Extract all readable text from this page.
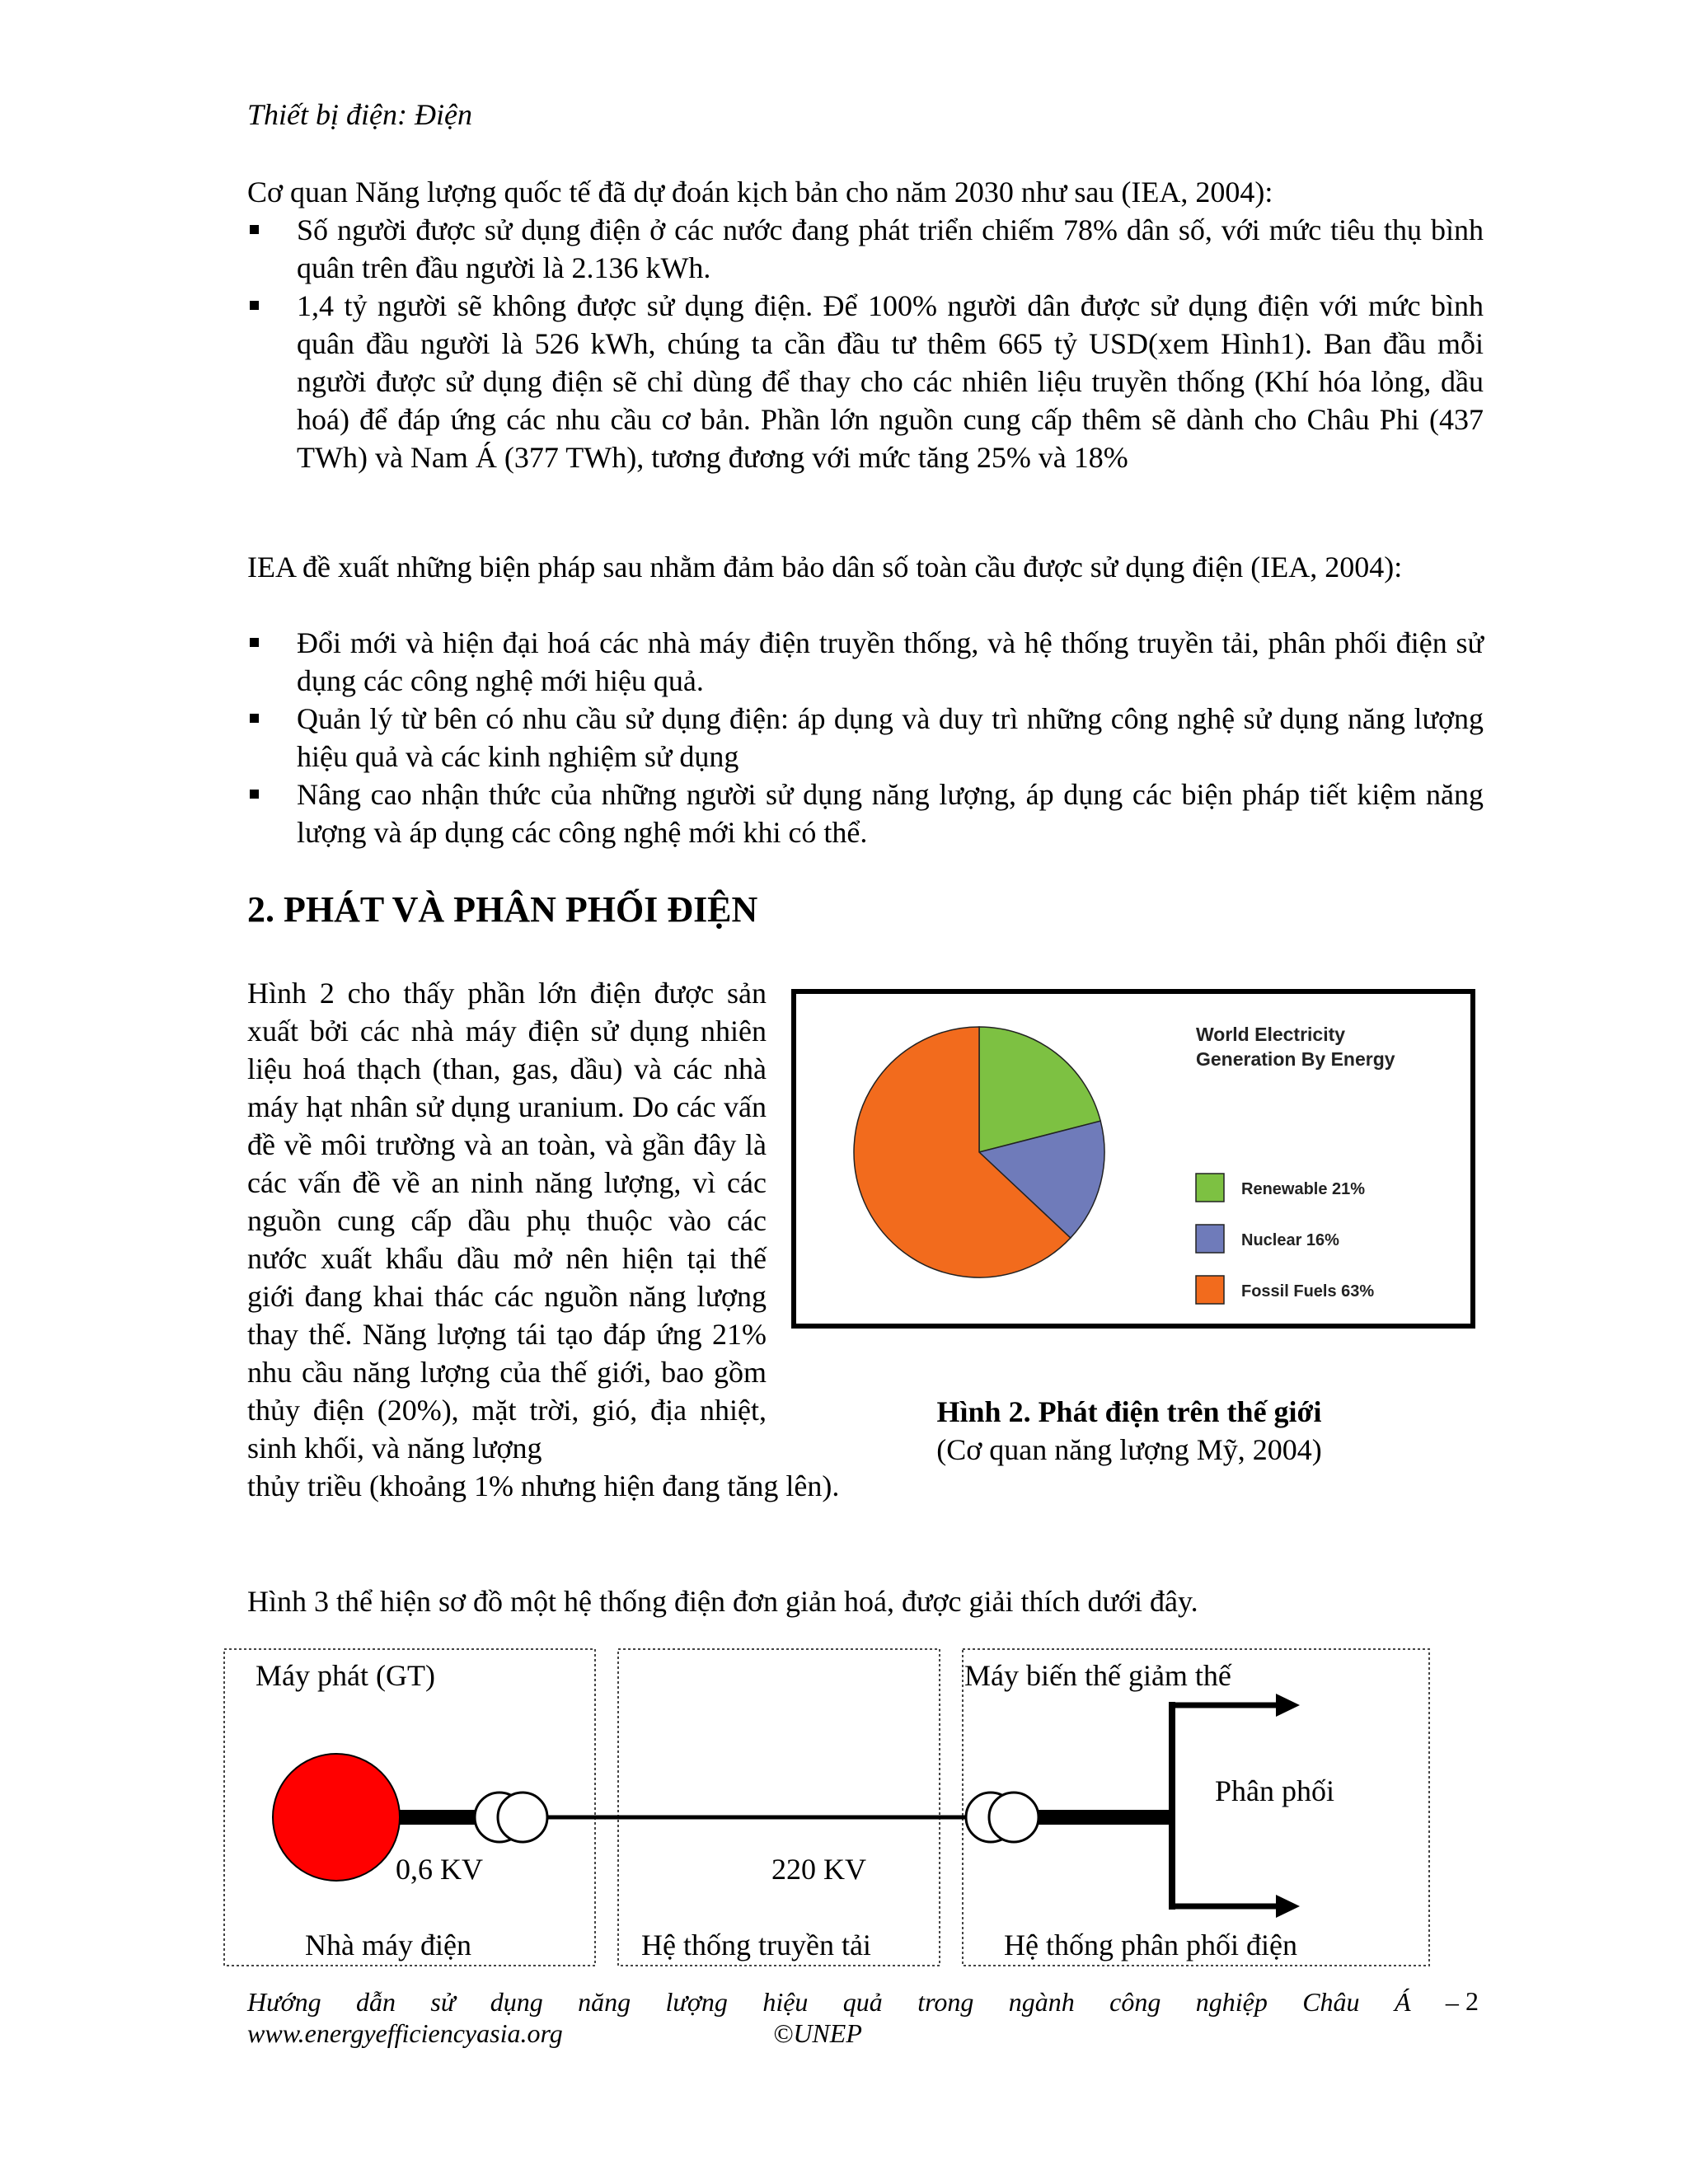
Thiết bị điện: Điện
Cơ quan Năng lượng quốc tế đã dự đoán kịch bản cho năm 2030 như sau (IEA, 2004):
Số người được sử dụng điện ở các nước đang phát triển chiếm 78% dân số, với mức tiêu thụ bình quân trên đầu người là 2.136 kWh.
1,4 tỷ người sẽ không được sử dụng điện. Để 100% người dân được sử dụng điện với mức bình quân đầu người là 526 kWh, chúng ta cần đầu tư thêm 665 tỷ USD(xem Hình1). Ban đầu mỗi người được sử dụng điện sẽ chỉ dùng để thay cho các nhiên liệu truyền thống (Khí hóa lỏng, dầu hoá) để đáp ứng các nhu cầu cơ bản. Phần lớn nguồn cung cấp thêm sẽ dành cho Châu Phi (437 TWh) và Nam Á (377 TWh), tương đương với mức tăng 25% và 18%
IEA đề xuất những biện pháp sau nhằm đảm bảo dân số toàn cầu được sử dụng điện (IEA, 2004):
Đổi mới và hiện đại hoá các nhà máy điện truyền thống, và hệ thống truyền tải, phân phối điện sử dụng các công nghệ mới hiệu quả.
Quản lý từ bên có nhu cầu sử dụng điện: áp dụng và duy trì những công nghệ sử dụng năng lượng hiệu quả và các kinh nghiệm sử dụng
Nâng cao nhận thức của những người sử dụng năng lượng, áp dụng các biện pháp tiết kiệm năng lượng và áp dụng các công nghệ mới khi có thể.
2. PHÁT VÀ PHÂN PHỐI ĐIỆN
Hình 2 cho thấy phần lớn điện được sản xuất bởi các nhà máy điện sử dụng nhiên liệu hoá thạch (than, gas, dầu) và các nhà máy hạt nhân sử dụng uranium. Do các vấn đề về môi trường và an toàn, và gần đây là các vấn đề về an ninh năng lượng, vì các nguồn cung cấp dầu phụ thuộc vào các nước xuất khẩu dầu mở nên hiện tại thế giới đang khai thác các nguồn năng lượng thay thế. Năng lượng tái tạo đáp ứng 21% nhu cầu năng lượng của thế giới, bao gồm thủy điện (20%), mặt trời, gió, địa nhiệt, sinh khối, và năng lượng
thủy triều (khoảng 1% nhưng hiện đang tăng lên).
World Electricity
Generation By Energy
Renewable 21%
Nuclear 16%
Fossil Fuels 63%
Hình 2. Phát điện trên thế giới
(Cơ quan năng lượng Mỹ, 2004)
Hình 3 thể hiện sơ đồ một hệ thống điện đơn giản hoá, được giải thích dưới đây.
Máy phát (GT)
0,6 KV
Nhà máy điện
220 KV
Hệ thống truyền tải
Máy biến thế giảm thế
Phân phối
Hệ thống phân phối điện
Hướng dẫn sử dụng năng lượng hiệu quả trong ngành công nghiệp Châu Á –
www.energyefficiencyasia.org	©UNEP
2
